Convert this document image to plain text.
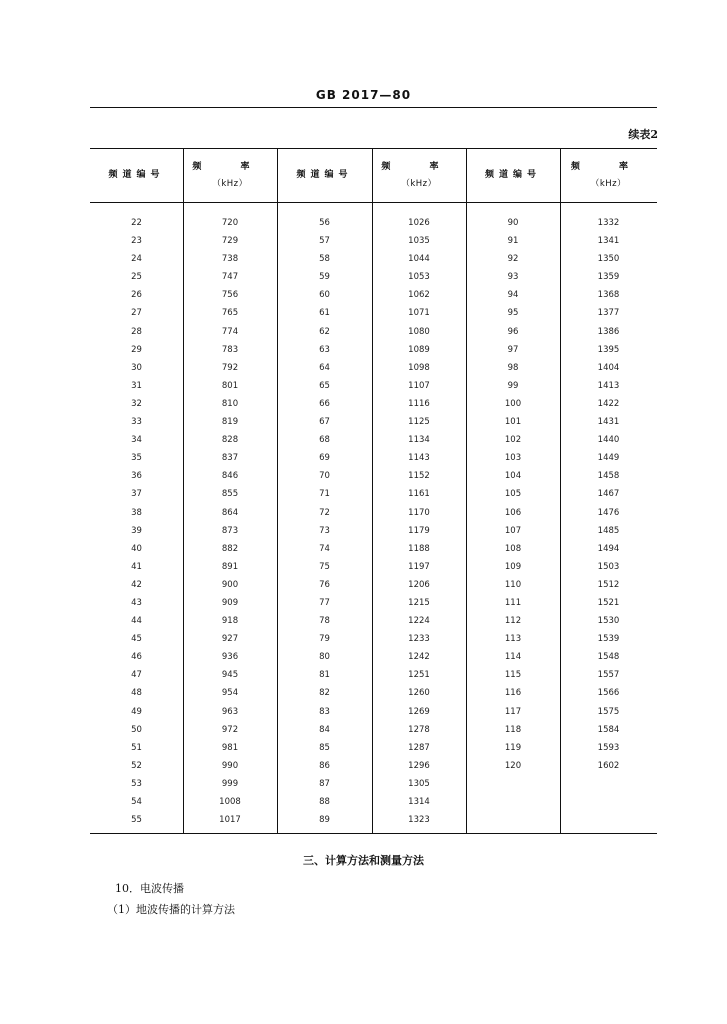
GB 2017—80
续表2
频道编号
频 率
（kHz）
频道编号
频 率
（kHz）
频道编号
频 率
（kHz）
22
23
24
25
26
27
28
29
30
31
32
33
34
35
36
37
38
39
40
41
42
43
44
45
46
47
48
49
50
51
52
53
54
55
720
729
738
747
756
765
774
783
792
801
810
819
828
837
846
855
864
873
882
891
900
909
918
927
936
945
954
963
972
981
990
999
1008
1017
56
57
58
59
60
61
62
63
64
65
66
67
68
69
70
71
72
73
74
75
76
77
78
79
80
81
82
83
84
85
86
87
88
89
1026
1035
1044
1053
1062
1071
1080
1089
1098
1107
1116
1125
1134
1143
1152
1161
1170
1179
1188
1197
1206
1215
1224
1233
1242
1251
1260
1269
1278
1287
1296
1305
1314
1323
90
91
92
93
94
95
96
97
98
99
100
101
102
103
104
105
106
107
108
109
110
111
112
113
114
115
116
117
118
119
120
1332
1341
1350
1359
1368
1377
1386
1395
1404
1413
1422
1431
1440
1449
1458
1467
1476
1485
1494
1503
1512
1521
1530
1539
1548
1557
1566
1575
1584
1593
1602
三、计算方法和测量方法
10．电波传播
（1）地波传播的计算方法
